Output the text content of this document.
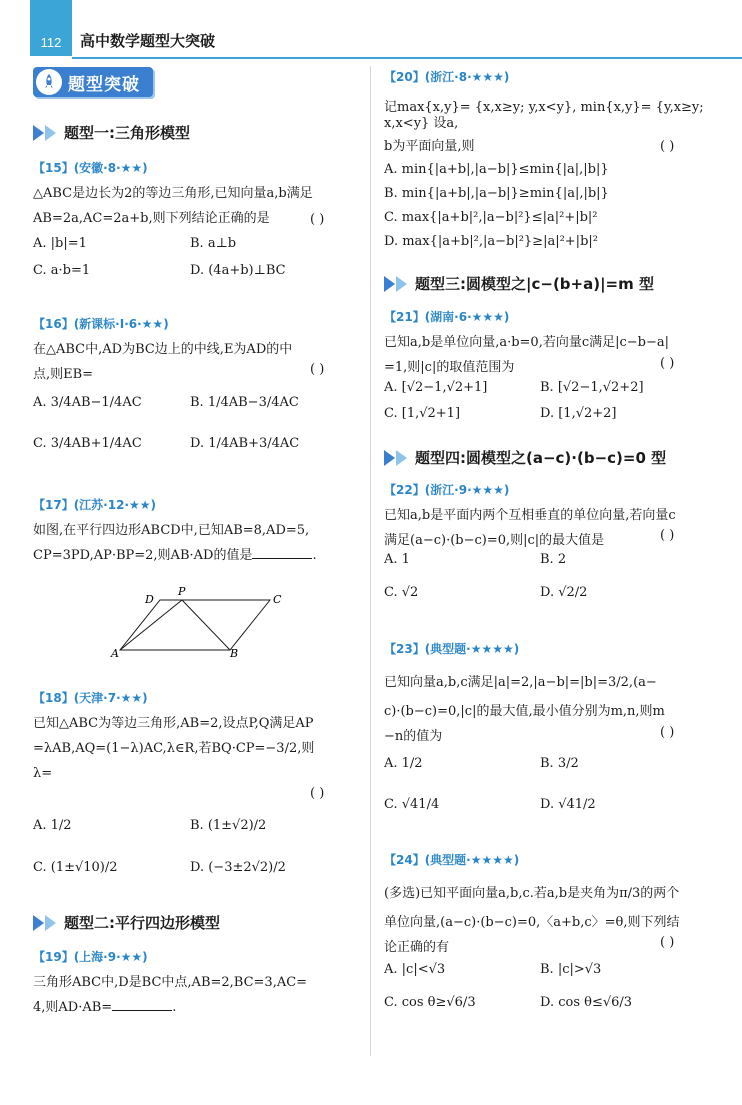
112 高中数学题型大突破
题型突破
题型一:三角形模型
【15】(安徽·8·★★)
△ABC是边长为2的等边三角形,已知向量a,b满足
AB=2a,AC=2a+b,则下列结论正确的是	( )
A. |b|=1	B. a⊥b
C. a·b=1	D. (4a+b)⊥BC
【16】(新课标·Ⅰ·6·★★)
在△ABC中,AD为BC边上的中线,E为AD的中
点,则EB=	( )
A. 3/4AB−1/4AC	B. 1/4AB−3/4AC
C. 3/4AB+1/4AC	D. 1/4AB+3/4AC
【17】(江苏·12·★★)
如图,在平行四边形ABCD中,已知AB=8,AD=5,
CP=3PD,AP·BP=2,则AB·AD的值是	.
D
P
C
A	B
【18】(天津·7·★★)
已知△ABC为等边三角形,AB=2,设点P,Q满足AP
=λAB,AQ=(1−λ)AC,λ∈R,若BQ·CP=−3/2,则
λ=
( )
A. 1/2	B. (1±√2)/2
C. (1±√10)/2	D. (−3±2√2)/2
题型二:平行四边形模型
【19】(上海·9·★★)
三角形ABC中,D是BC中点,AB=2,BC=3,AC=
4,则AD·AB=	.
【20】(浙江·8·★★★)
记max{x,y}= {x,x≥y; y,x<y}, min{x,y}= {y,x≥y; x,x<y} 设a,
b为平面向量,则	( )
A. min{|a+b|,|a−b|}≤min{|a|,|b|}
B. min{|a+b|,|a−b|}≥min{|a|,|b|}
C. max{|a+b|²,|a−b|²}≤|a|²+|b|²
D. max{|a+b|²,|a−b|²}≥|a|²+|b|²
题型三:圆模型之|c−(b+a)|=m 型
【21】(湖南·6·★★★)
已知a,b是单位向量,a·b=0,若向量c满足|c−b−a|
=1,则|c|的取值范围为	( )
A. [√2−1,√2+1]	B. [√2−1,√2+2]
C. [1,√2+1]	D. [1,√2+2]
题型四:圆模型之(a−c)·(b−c)=0 型
【22】(浙江·9·★★★)
已知a,b是平面内两个互相垂直的单位向量,若向量c
满足(a−c)·(b−c)=0,则|c|的最大值是	( )
A. 1	B. 2
C. √2	D. √2/2
【23】(典型题·★★★★)
已知向量a,b,c满足|a|=2,|a−b|=|b|=3/2,(a−
c)·(b−c)=0,|c|的最大值,最小值分别为m,n,则m
−n的值为	( )
A. 1/2	B. 3/2
C. √41/4	D. √41/2
【24】(典型题·★★★★)
(多选)已知平面向量a,b,c.若a,b是夹角为π/3的两个
单位向量,(a−c)·(b−c)=0,〈a+b,c〉=θ,则下列结
论正确的有	( )
A. |c|<√3	B. |c|>√3
C. cos θ≥√6/3	D. cos θ≤√6/3
